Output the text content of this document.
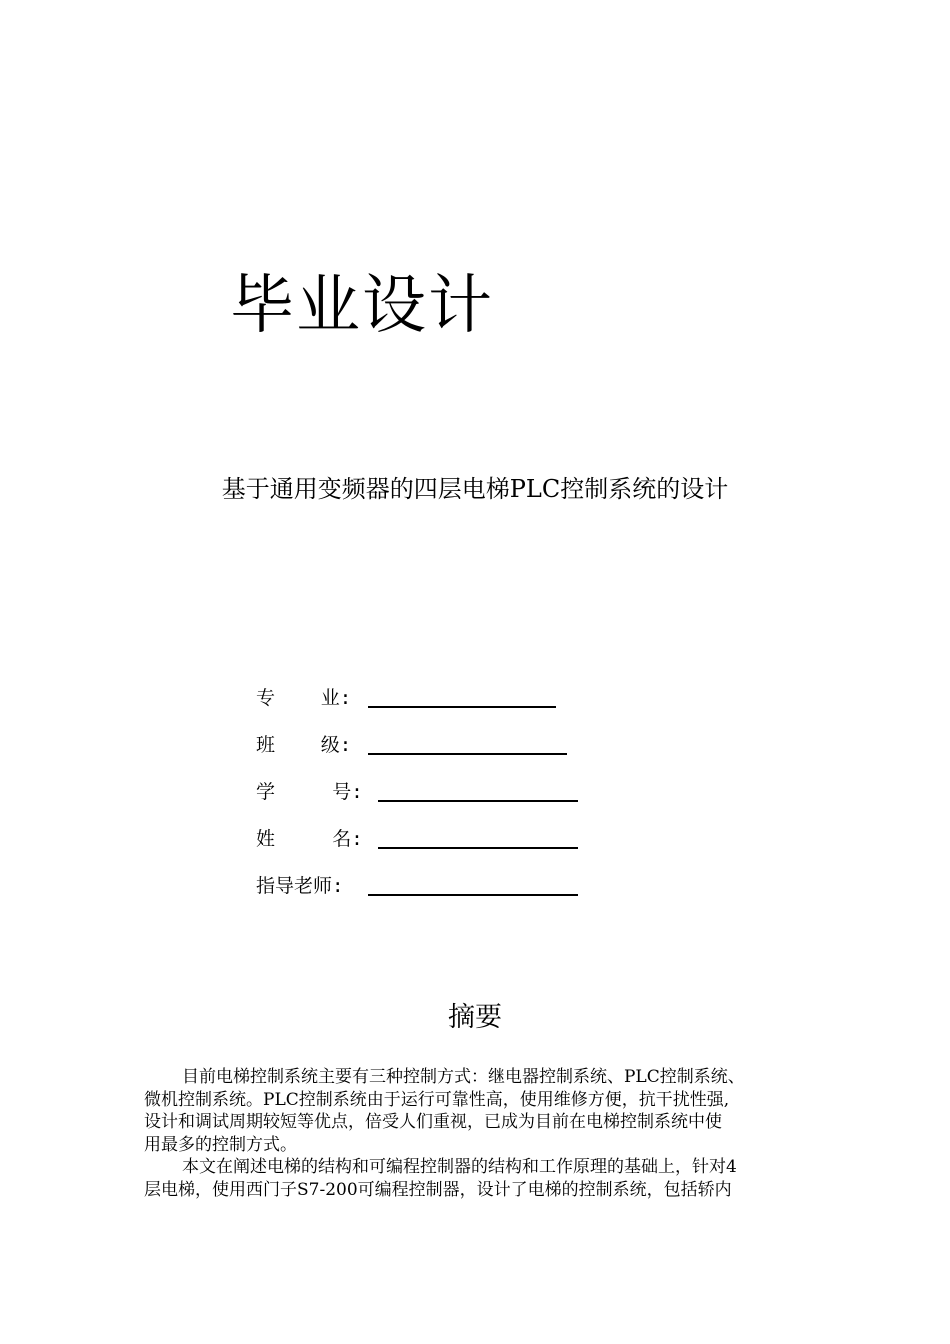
毕业设计
基于通用变频器的四层电梯PLC控制系统的设计
专    业:
班    级:
学     号:
姓     名:
指导老师:
摘要
目前电梯控制系统主要有三种控制方式：继电器控制系统、PLC控制系统、
微机控制系统。PLC控制系统由于运行可靠性高，使用维修方便，抗干扰性强,
设计和调试周期较短等优点，倍受人们重视，已成为目前在电梯控制系统中使
用最多的控制方式。
本文在阐述电梯的结构和可编程控制器的结构和工作原理的基础上，针对4
层电梯，使用西门子S7-200可编程控制器，设计了电梯的控制系统，包括轿内
